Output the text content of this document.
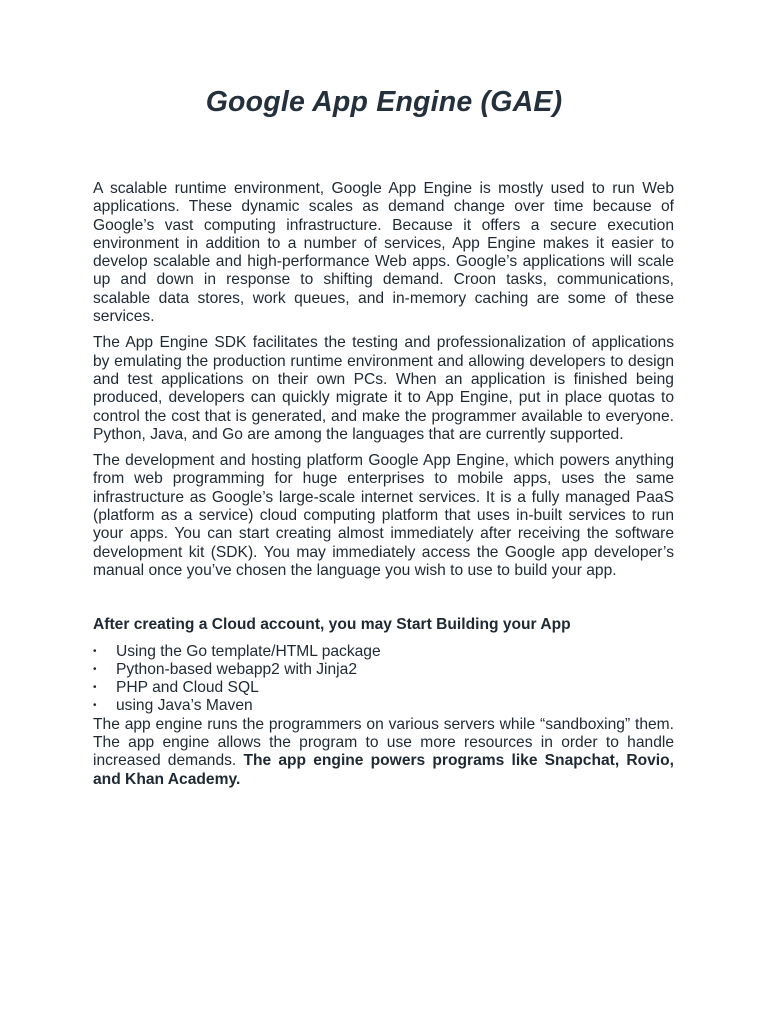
Google App Engine (GAE)

A scalable runtime environment, Google App Engine is mostly used to run Web applications. These dynamic scales as demand change over time because of Google’s vast computing infrastructure. Because it offers a secure execution environment in addition to a number of services, App Engine makes it easier to develop scalable and high-performance Web apps. Google’s applications will scale up and down in response to shifting demand. Croon tasks, communications, scalable data stores, work queues, and in-memory caching are some of these services.

The App Engine SDK facilitates the testing and professionalization of applications by emulating the production runtime environment and allowing developers to design and test applications on their own PCs. When an application is finished being produced, developers can quickly migrate it to App Engine, put in place quotas to control the cost that is generated, and make the programmer available to everyone. Python, Java, and Go are among the languages that are currently supported.

The development and hosting platform Google App Engine, which powers anything from web programming for huge enterprises to mobile apps, uses the same infrastructure as Google’s large-scale internet services. It is a fully managed PaaS (platform as a service) cloud computing platform that uses in-built services to run your apps. You can start creating almost immediately after receiving the software development kit (SDK). You may immediately access the Google app developer’s manual once you’ve chosen the language you wish to use to build your app.

After creating a Cloud account, you may Start Building your App

• Using the Go template/HTML package
• Python-based webapp2 with Jinja2
• PHP and Cloud SQL
• using Java’s Maven

The app engine runs the programmers on various servers while “sandboxing” them. The app engine allows the program to use more resources in order to handle increased demands. The app engine powers programs like Snapchat, Rovio, and Khan Academy.
